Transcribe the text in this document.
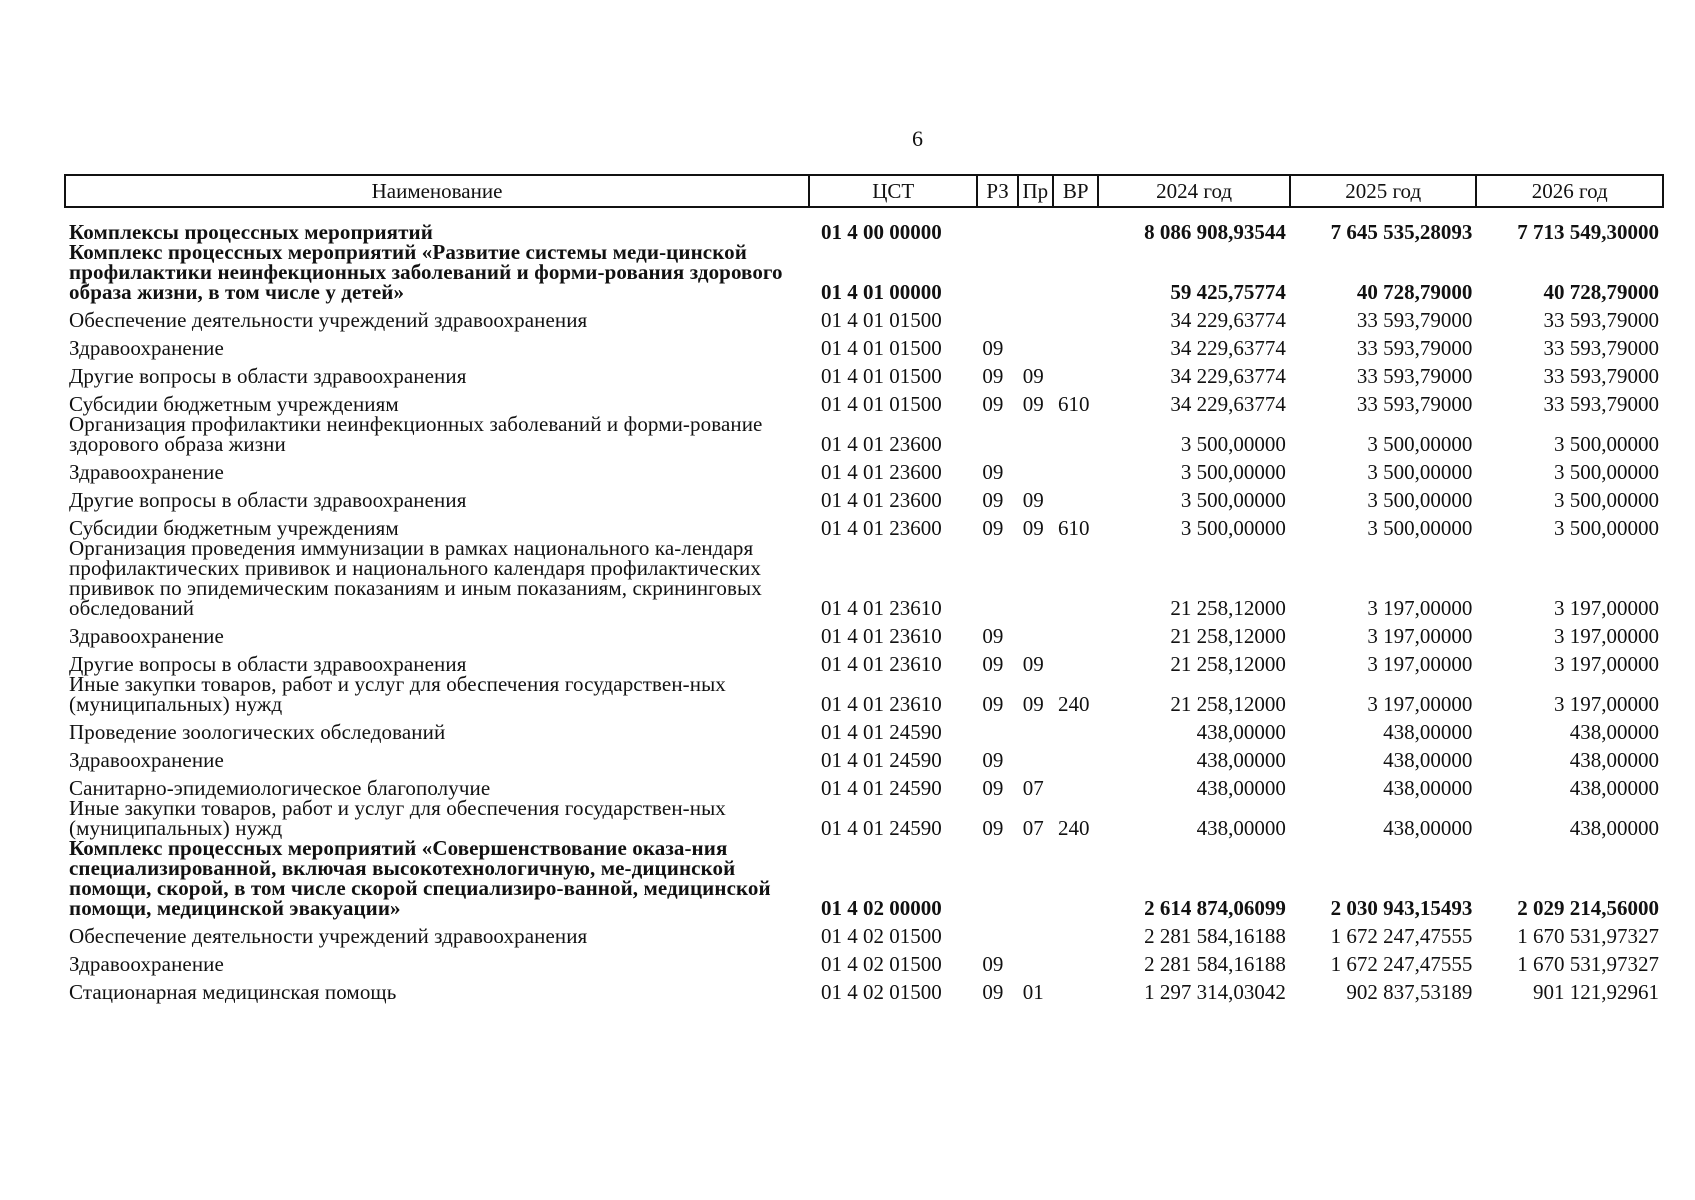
6
Наименование	ЦСТ	РЗ	Пр	ВР	2024 год	2025 год	2026 год
Комплексы процессных мероприятий	01 4 00 00000				8 086 908,93544	7 645 535,28093	7 713 549,30000
Комплекс процессных мероприятий «Развитие системы меди-цинской профилактики неинфекционных заболеваний и форми-рования здорового образа жизни, в том числе у детей»	01 4 01 00000				59 425,75774	40 728,79000	40 728,79000
Обеспечение деятельности учреждений здравоохранения	01 4 01 01500				34 229,63774	33 593,79000	33 593,79000
Здравоохранение	01 4 01 01500	09			34 229,63774	33 593,79000	33 593,79000
Другие вопросы в области здравоохранения	01 4 01 01500	09	09		34 229,63774	33 593,79000	33 593,79000
Субсидии бюджетным учреждениям	01 4 01 01500	09	09	610	34 229,63774	33 593,79000	33 593,79000
Организация профилактики неинфекционных заболеваний и форми-рование здорового образа жизни	01 4 01 23600				3 500,00000	3 500,00000	3 500,00000
Здравоохранение	01 4 01 23600	09			3 500,00000	3 500,00000	3 500,00000
Другие вопросы в области здравоохранения	01 4 01 23600	09	09		3 500,00000	3 500,00000	3 500,00000
Субсидии бюджетным учреждениям	01 4 01 23600	09	09	610	3 500,00000	3 500,00000	3 500,00000
Организация проведения иммунизации в рамках национального ка-лендаря профилактических прививок и национального календаря профилактических прививок по эпидемическим показаниям и иным показаниям, скрининговых обследований	01 4 01 23610				21 258,12000	3 197,00000	3 197,00000
Здравоохранение	01 4 01 23610	09			21 258,12000	3 197,00000	3 197,00000
Другие вопросы в области здравоохранения	01 4 01 23610	09	09		21 258,12000	3 197,00000	3 197,00000
Иные закупки товаров, работ и услуг для обеспечения государствен-ных (муниципальных) нужд	01 4 01 23610	09	09	240	21 258,12000	3 197,00000	3 197,00000
Проведение зоологических обследований	01 4 01 24590				438,00000	438,00000	438,00000
Здравоохранение	01 4 01 24590	09			438,00000	438,00000	438,00000
Санитарно-эпидемиологическое благополучие	01 4 01 24590	09	07		438,00000	438,00000	438,00000
Иные закупки товаров, работ и услуг для обеспечения государствен-ных (муниципальных) нужд	01 4 01 24590	09	07	240	438,00000	438,00000	438,00000
Комплекс процессных мероприятий «Совершенствование оказа-ния специализированной, включая высокотехнологичную, ме-дицинской помощи, скорой, в том числе скорой специализиро-ванной, медицинской помощи, медицинской эвакуации»	01 4 02 00000				2 614 874,06099	2 030 943,15493	2 029 214,56000
Обеспечение деятельности учреждений здравоохранения	01 4 02 01500				2 281 584,16188	1 672 247,47555	1 670 531,97327
Здравоохранение	01 4 02 01500	09			2 281 584,16188	1 672 247,47555	1 670 531,97327
Стационарная медицинская помощь	01 4 02 01500	09	01		1 297 314,03042	902 837,53189	901 121,92961
